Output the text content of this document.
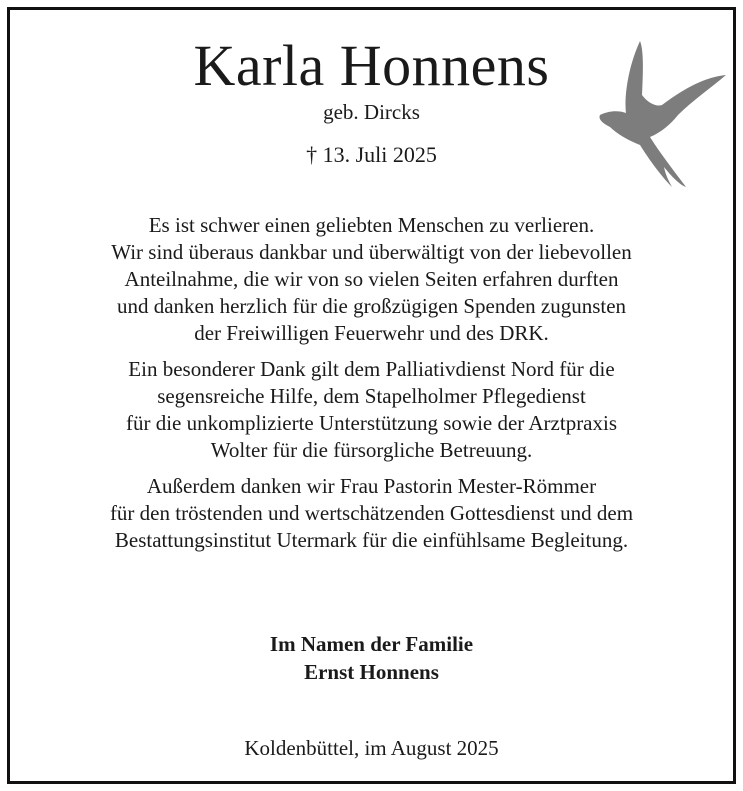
Karla Honnens
geb. Dircks
† 13. Juli 2025
Es ist schwer einen geliebten Menschen zu verlieren.
Wir sind überaus dankbar und überwältigt von der liebevollen
Anteilnahme, die wir von so vielen Seiten erfahren durften
und danken herzlich für die großzügigen Spenden zugunsten
der Freiwilligen Feuerwehr und des DRK.
Ein besonderer Dank gilt dem Palliativdienst Nord für die
segensreiche Hilfe, dem Stapelholmer Pflegedienst
für die unkomplizierte Unterstützung sowie der Arztpraxis
Wolter für die fürsorgliche Betreuung.
Außerdem danken wir Frau Pastorin Mester-Römmer
für den tröstenden und wertschätzenden Gottesdienst und dem
Bestattungsinstitut Utermark für die einfühlsame Begleitung.
Im Namen der Familie
Ernst Honnens
Koldenbüttel, im August 2025
